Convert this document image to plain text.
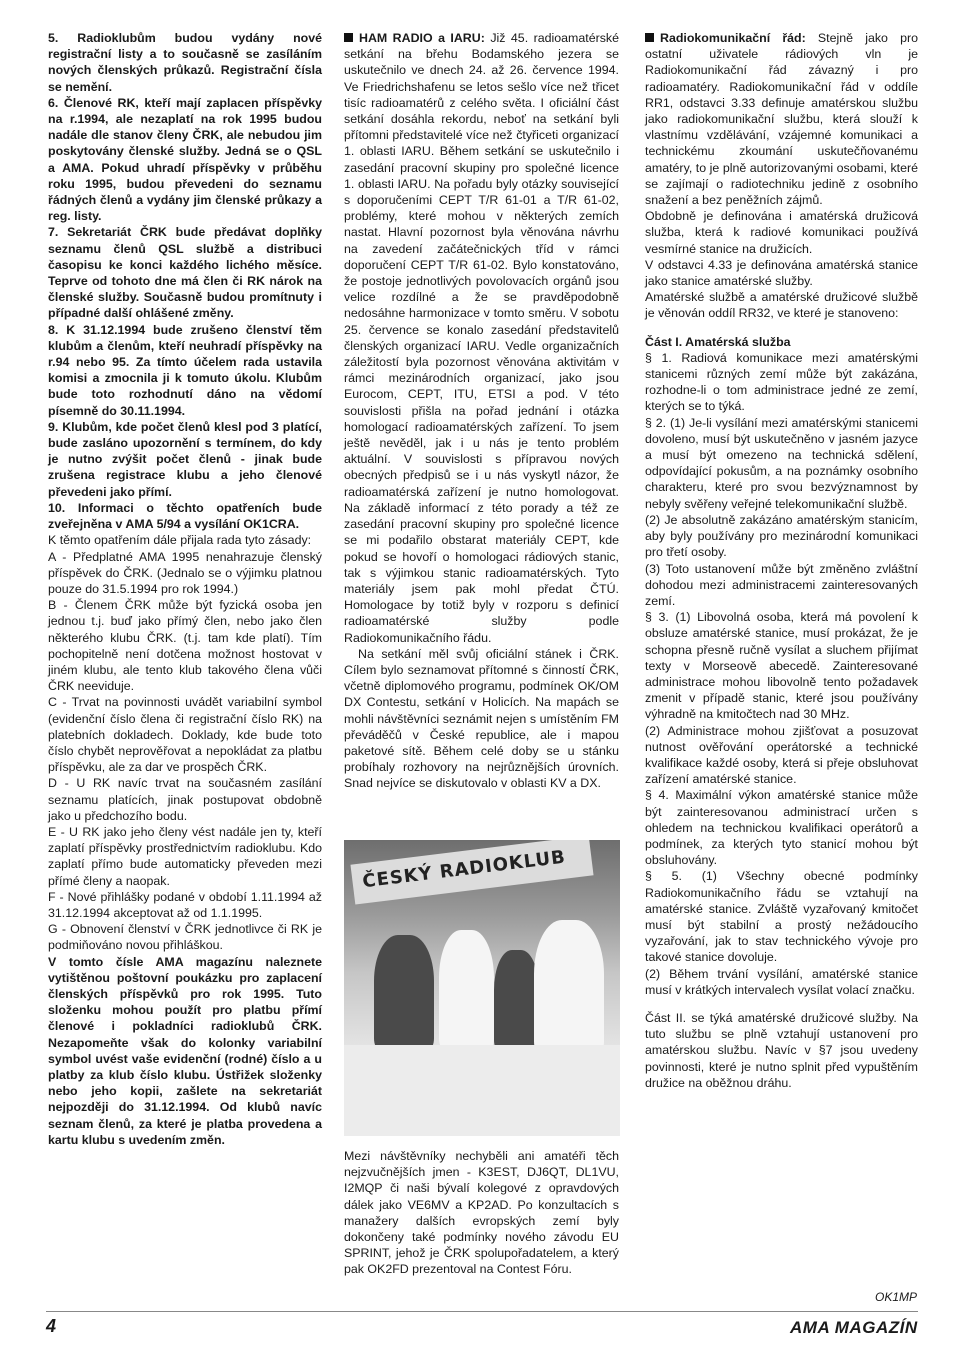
5. Radioklubům budou vydány nové registrační listy a to současně se zasíláním nových členských průkazů. Registrační čísla se nemění.

6. Členové RK, kteří mají zaplacen příspěvky na r.1994, ale nezaplatí na rok 1995 budou nadále dle stanov členy ČRK, ale nebudou jim poskytovány členské služby. Jedná se o QSL a AMA. Pokud uhradí příspěvky v průběhu roku 1995, budou převedeni do seznamu řádných členů a vydány jim členské průkazy a reg. listy.

7. Sekretariát ČRK bude předávat doplňky seznamu členů QSL službě a distribuci časopisu ke konci každého lichého měsíce. Teprve od tohoto dne má člen či RK nárok na členské služby. Současně budou promítnuty i případné další ohlášené změny.

8. K 31.12.1994 bude zrušeno členství těm klubům a členům, kteří neuhradí příspěvky na r.94 nebo 95. Za tímto účelem rada ustavila komisi a zmocnila ji k tomuto úkolu. Klubům bude toto rozhodnutí dáno na vědomí písemně do 30.11.1994.

9. Klubům, kde počet členů klesl pod 3 platící, bude zasláno upozornění s termínem, do kdy je nutno zvýšit počet členů - jinak bude zrušena registrace klubu a jeho členové převedeni jako přímí.

10. Informaci o těchto opatřeních bude zveřejněna v AMA 5/94 a vysílání OK1CRA.

K těmto opatřením dále přijala rada tyto zásady:

A - Předplatné AMA 1995 nenahrazuje členský příspěvek do ČRK. (Jednalo se o výjimku platnou pouze do 31.5.1994 pro rok 1994.)

B - Členem ČRK může být fyzická osoba jen jednou t.j. buď jako přímý člen, nebo jako člen některého klubu ČRK. (t.j. tam kde platí). Tím pochopitelně není dotčena možnost hostovat v jiném klubu, ale tento klub takového člena vůči ČRK neeviduje.

C - Trvat na povinnosti uvádět variabilní symbol (evidenční číslo člena či registrační číslo RK) na platebních dokladech. Doklady, kde bude toto číslo chybět neprověřovat a nepokládat za platbu příspěvku, ale za dar ve prospěch ČRK.

D - U RK navíc trvat na současném zasílání seznamu platících, jinak postupovat obdobně jako u předchozího bodu.

E - U RK jako jeho členy vést nadále jen ty, kteří zaplatí příspěvky prostřednictvím radioklubu. Kdo zaplatí přímo bude automaticky převeden mezi přímé členy a naopak.

F - Nové přihlášky podané v období 1.11.1994 až 31.12.1994 akceptovat až od 1.1.1995.

G - Obnovení členství v ČRK jednotlivce či RK je podmiňováno novou přihláškou.

V tomto čísle AMA magazínu naleznete vytištěnou poštovní poukázku pro zaplacení členských příspěvků pro rok 1995. Tuto složenku mohou použít pro platbu přímí členové i pokladníci radioklubů ČRK. Nezapomeňte však do kolonky variabilní symbol uvést vaše evidenční (rodné) číslo a u platby za klub číslo klubu. Ústřižek složenky nebo jeho kopii, zašlete na sekretariát nejpozději do 31.12.1994. Od klubů navíc seznam členů, za které je platba provedena a kartu klubu s uvedením změn.

HAM RADIO a IARU: Již 45. radioamatérské setkání na břehu Bodamského jezera se uskutečnilo ve dnech 24. až 26. července 1994. Ve Friedrichshafenu se letos sešlo více než třicet tisíc radioamatérů z celého světa. I oficiální část setkání dosáhla rekordu, neboť na setkání byli přítomni představitelé více než čtyřiceti organizací 1. oblasti IARU. Během setkání se uskutečnilo i zasedání pracovní skupiny pro společné licence 1. oblasti IARU. Na pořadu byly otázky související s doporučeními CEPT T/R 61-01 a T/R 61-02, problémy, které mohou v některých zemích nastat. Hlavní pozornost byla věnována návrhu na zavedení začátečnických tříd v rámci doporučení CEPT T/R 61-02. Bylo konstatováno, že postoje jednotlivých povolovacích orgánů jsou velice rozdílné a že se pravděpodobně nedosáhne harmonizace v tomto směru. V sobotu 25. července se konalo zasedání představitelů členských organizací IARU. Vedle organizačních záležitostí byla pozornost věnována aktivitám v rámci mezinárodních organizací, jako jsou Eurocom, CEPT, ITU, ETSI a pod. V této souvislosti přišla na pořad jednání i otázka homologací radioamatérských zařízení. To jsem ještě nevěděl, jak i u nás je tento problém aktuální. V souvislosti s přípravou nových obecných předpisů se i u nás vyskytl názor, že radioamatérská zařízení je nutno homologovat. Na základě informací z této porady a též ze zasedání pracovní skupiny pro společné licence se mi podařilo obstarat materiály CEPT, kde pokud se hovoří o homologaci rádiových stanic, tak s výjimkou stanic radioamatérských. Tyto materiály jsem pak mohl předat ČTÚ. Homologace by totiž byly v rozporu s definicí radioamatérské služby podle Radiokomunikačního řádu.

Na setkání měl svůj oficiální stánek i ČRK. Cílem bylo seznamovat přítomné s činností ČRK, včetně diplomového programu, podmínek OK/OM DX Contestu, setkání v Holicích. Na mapách se mohli návštěvníci seznámit nejen s umístěním FM převáděčů v České republice, ale i mapou paketové sítě. Během celé doby se u stánku probíhaly rozhovory na nejrůznějších úrovních. Snad nejvíce se diskutovalo v oblasti KV a DX.

ČESKÝ RADIOKLUB
Mezi návštěvníky nechyběli ani amatéři těch nejzvučnějších jmen - K3EST, DJ6QT, DL1VU, I2MQP či naši bývalí kolegové z opravdových dálek jako VE6MV a KP2AD. Po konzultacích s manažery dalších evropských zemí byly dokončeny také podmínky nového závodu EU SPRINT, jehož je ČRK spolupořadatelem, a který pak OK2FD prezentoval na Contest Fóru.

Radiokomunikační řád: Stejně jako pro ostatní uživatele rádiových vln je Radiokomunikační řád závazný i pro radioamatéry. Radiokomunikační řád v oddíle RR1, odstavci 3.33 definuje amatérskou službu jako radiokomunikační službu, která slouží k vlastnímu vzdělávání, vzájemné komunikaci a technickému zkoumání uskutečňovanému amatéry, to je plně autorizovanými osobami, které se zajímají o radiotechniku jedině z osobního snažení a bez peněžních zájmů.

Obdobně je definována i amatérská družicová služba, která k radiové komunikaci používá vesmírné stanice na družicích.

V odstavci 4.33 je definována amatérská stanice jako stanice amatérské služby.

Amatérské službě a amatérské družicové službě je věnován oddíl RR32, ve které je stanoveno:

Část I. Amatérská služba

§ 1. Radiová komunikace mezi amatérskými stanicemi různých zemí může být zakázána, rozhodne-li o tom administrace jedné ze zemí, kterých se to týká.

§ 2. (1) Je-li vysílání mezi amatérskými stanicemi dovoleno, musí být uskutečněno v jasném jazyce a musí být omezeno na technická sdělení, odpovídající pokusům, a na poznámky osobního charakteru, které pro svou bezvýznamnost by nebyly svěřeny veřejné telekomunikační službě.

(2) Je absolutně zakázáno amatérským stanicím, aby byly používány pro mezinárodní komunikaci pro třetí osoby.

(3) Toto ustanovení může být změněno zvláštní dohodou mezi administracemi zainteresovaných zemí.

§ 3. (1) Libovolná osoba, která má povolení k obsluze amatérské stanice, musí prokázat, že je schopna přesně ručně vysílat a sluchem přijímat texty v Morseově abecedě. Zainteresované administrace mohou libovolně tento požadavek zmenit v případě stanic, které jsou používány výhradně na kmitočtech nad 30 MHz.

(2) Administrace mohou zjišťovat a posuzovat nutnost ověřování operátorské a technické kvalifikace každé osoby, která si přeje obsluhovat zařízení amatérské stanice.

§ 4. Maximální výkon amatérské stanice může být zainteresovanou administrací určen s ohledem na technickou kvalifikaci operátorů a podmínek, za kterých tyto stanicí mohou být obsluhovány.

§ 5. (1) Všechny obecné podmínky Radiokomunikačního řádu se vztahují na amatérské stanice. Zvláště vyzařovaný kmitočet musí být stabilní a prostý nežádoucího vyzařování, jak to stav technického vývoje pro takové stanice dovoluje.

(2) Během trvání vysílání, amatérské stanice musí v krátkých intervalech vysílat volací značku.

Část II. se týká amatérské družicové služby. Na tuto službu se plně vztahují ustanovení pro amatérskou službu. Navíc v §7 jsou uvedeny povinnosti, které je nutno splnit před vypuštěním družice na oběžnou dráhu.

OK1MP
4	AMA MAGAZÍN
